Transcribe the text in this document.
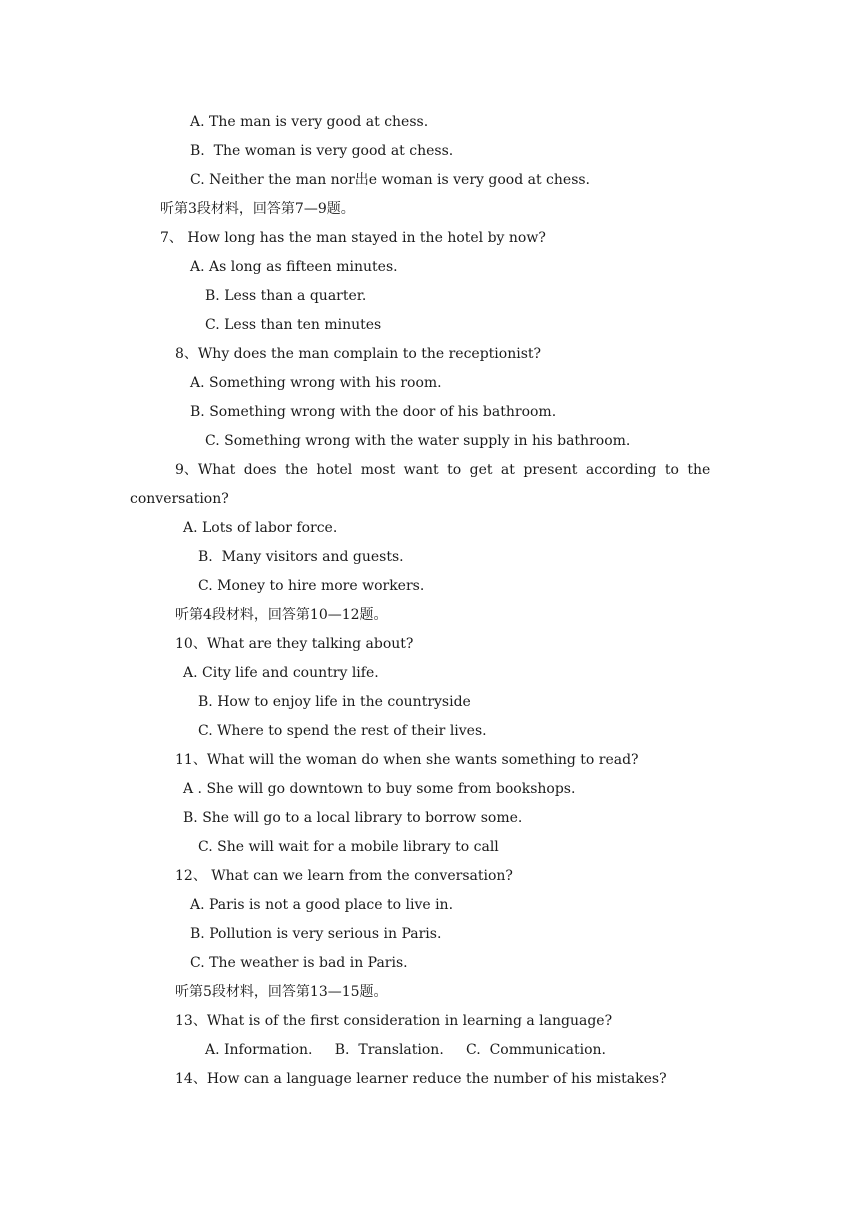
A. The man is very good at chess.
B.  The woman is very good at chess.
C. Neither the man nor出e woman is very good at chess.
听第3段材料，回答第7—9题。
7、 How long has the man stayed in the hotel by now?
A. As long as fifteen minutes.
B. Less than a quarter.
C. Less than ten minutes
8、Why does the man complain to the receptionist?
A. Something wrong with his room.
B. Something wrong with the door of his bathroom.
C. Something wrong with the water supply in his bathroom.
9、What does the hotel most want to get at present according to the
conversation?
A. Lots of labor force.
B.  Many visitors and guests.
C. Money to hire more workers.
听第4段材料，回答第10—12题。
10、What are they talking about?
A. City life and country life.
B. How to enjoy life in the countryside
C. Where to spend the rest of their lives.
11、What will the woman do when she wants something to read?
A . She will go downtown to buy some from bookshops.
B. She will go to a local library to borrow some.
C. She will wait for a mobile library to call
12、 What can we learn from the conversation?
A. Paris is not a good place to live in.
B. Pollution is very serious in Paris.
C. The weather is bad in Paris.
听第5段材料，回答第13—15题。
13、What is of the first consideration in learning a language?
A. Information.     B.  Translation.     C.  Communication.
14、How can a language learner reduce the number of his mistakes?
